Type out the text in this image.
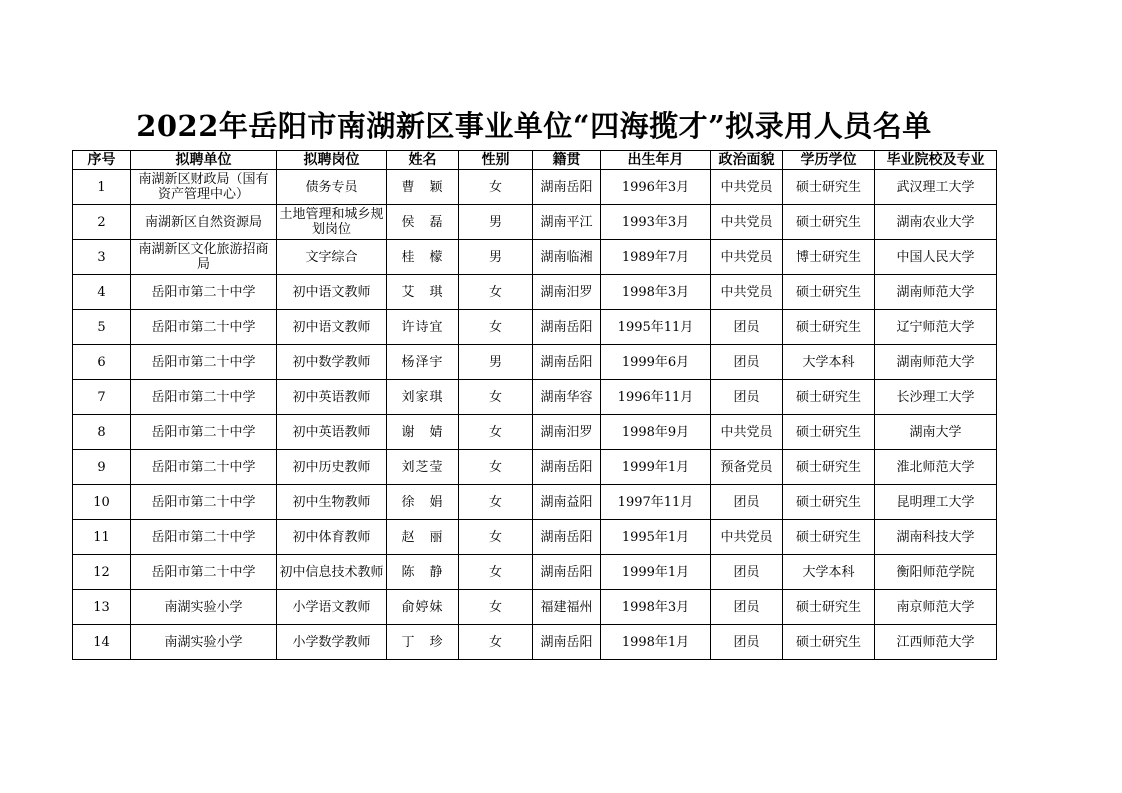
2022年岳阳市南湖新区事业单位“四海揽才”拟录用人员名单
序号	拟聘单位	拟聘岗位	姓名	性别	籍贯	出生年月	政治面貌	学历学位	毕业院校及专业
1	南湖新区财政局（国有资产管理中心）	债务专员	曹　颖	女	湖南岳阳	1996年3月	中共党员	硕士研究生	武汉理工大学
2	南湖新区自然资源局	土地管理和城乡规划岗位	侯　磊	男	湖南平江	1993年3月	中共党员	硕士研究生	湖南农业大学
3	南湖新区文化旅游招商局	文字综合	桂　檬	男	湖南临湘	1989年7月	中共党员	博士研究生	中国人民大学
4	岳阳市第二十中学	初中语文教师	艾　琪	女	湖南汨罗	1998年3月	中共党员	硕士研究生	湖南师范大学
5	岳阳市第二十中学	初中语文教师	许诗宜	女	湖南岳阳	1995年11月	团员	硕士研究生	辽宁师范大学
6	岳阳市第二十中学	初中数学教师	杨泽宇	男	湖南岳阳	1999年6月	团员	大学本科	湖南师范大学
7	岳阳市第二十中学	初中英语教师	刘家琪	女	湖南华容	1996年11月	团员	硕士研究生	长沙理工大学
8	岳阳市第二十中学	初中英语教师	谢　婧	女	湖南汨罗	1998年9月	中共党员	硕士研究生	湖南大学
9	岳阳市第二十中学	初中历史教师	刘芝莹	女	湖南岳阳	1999年1月	预备党员	硕士研究生	淮北师范大学
10	岳阳市第二十中学	初中生物教师	徐　娟	女	湖南益阳	1997年11月	团员	硕士研究生	昆明理工大学
11	岳阳市第二十中学	初中体育教师	赵　丽	女	湖南岳阳	1995年1月	中共党员	硕士研究生	湖南科技大学
12	岳阳市第二十中学	初中信息技术教师	陈　静	女	湖南岳阳	1999年1月	团员	大学本科	衡阳师范学院
13	南湖实验小学	小学语文教师	俞婷妹	女	福建福州	1998年3月	团员	硕士研究生	南京师范大学
14	南湖实验小学	小学数学教师	丁　珍	女	湖南岳阳	1998年1月	团员	硕士研究生	江西师范大学
